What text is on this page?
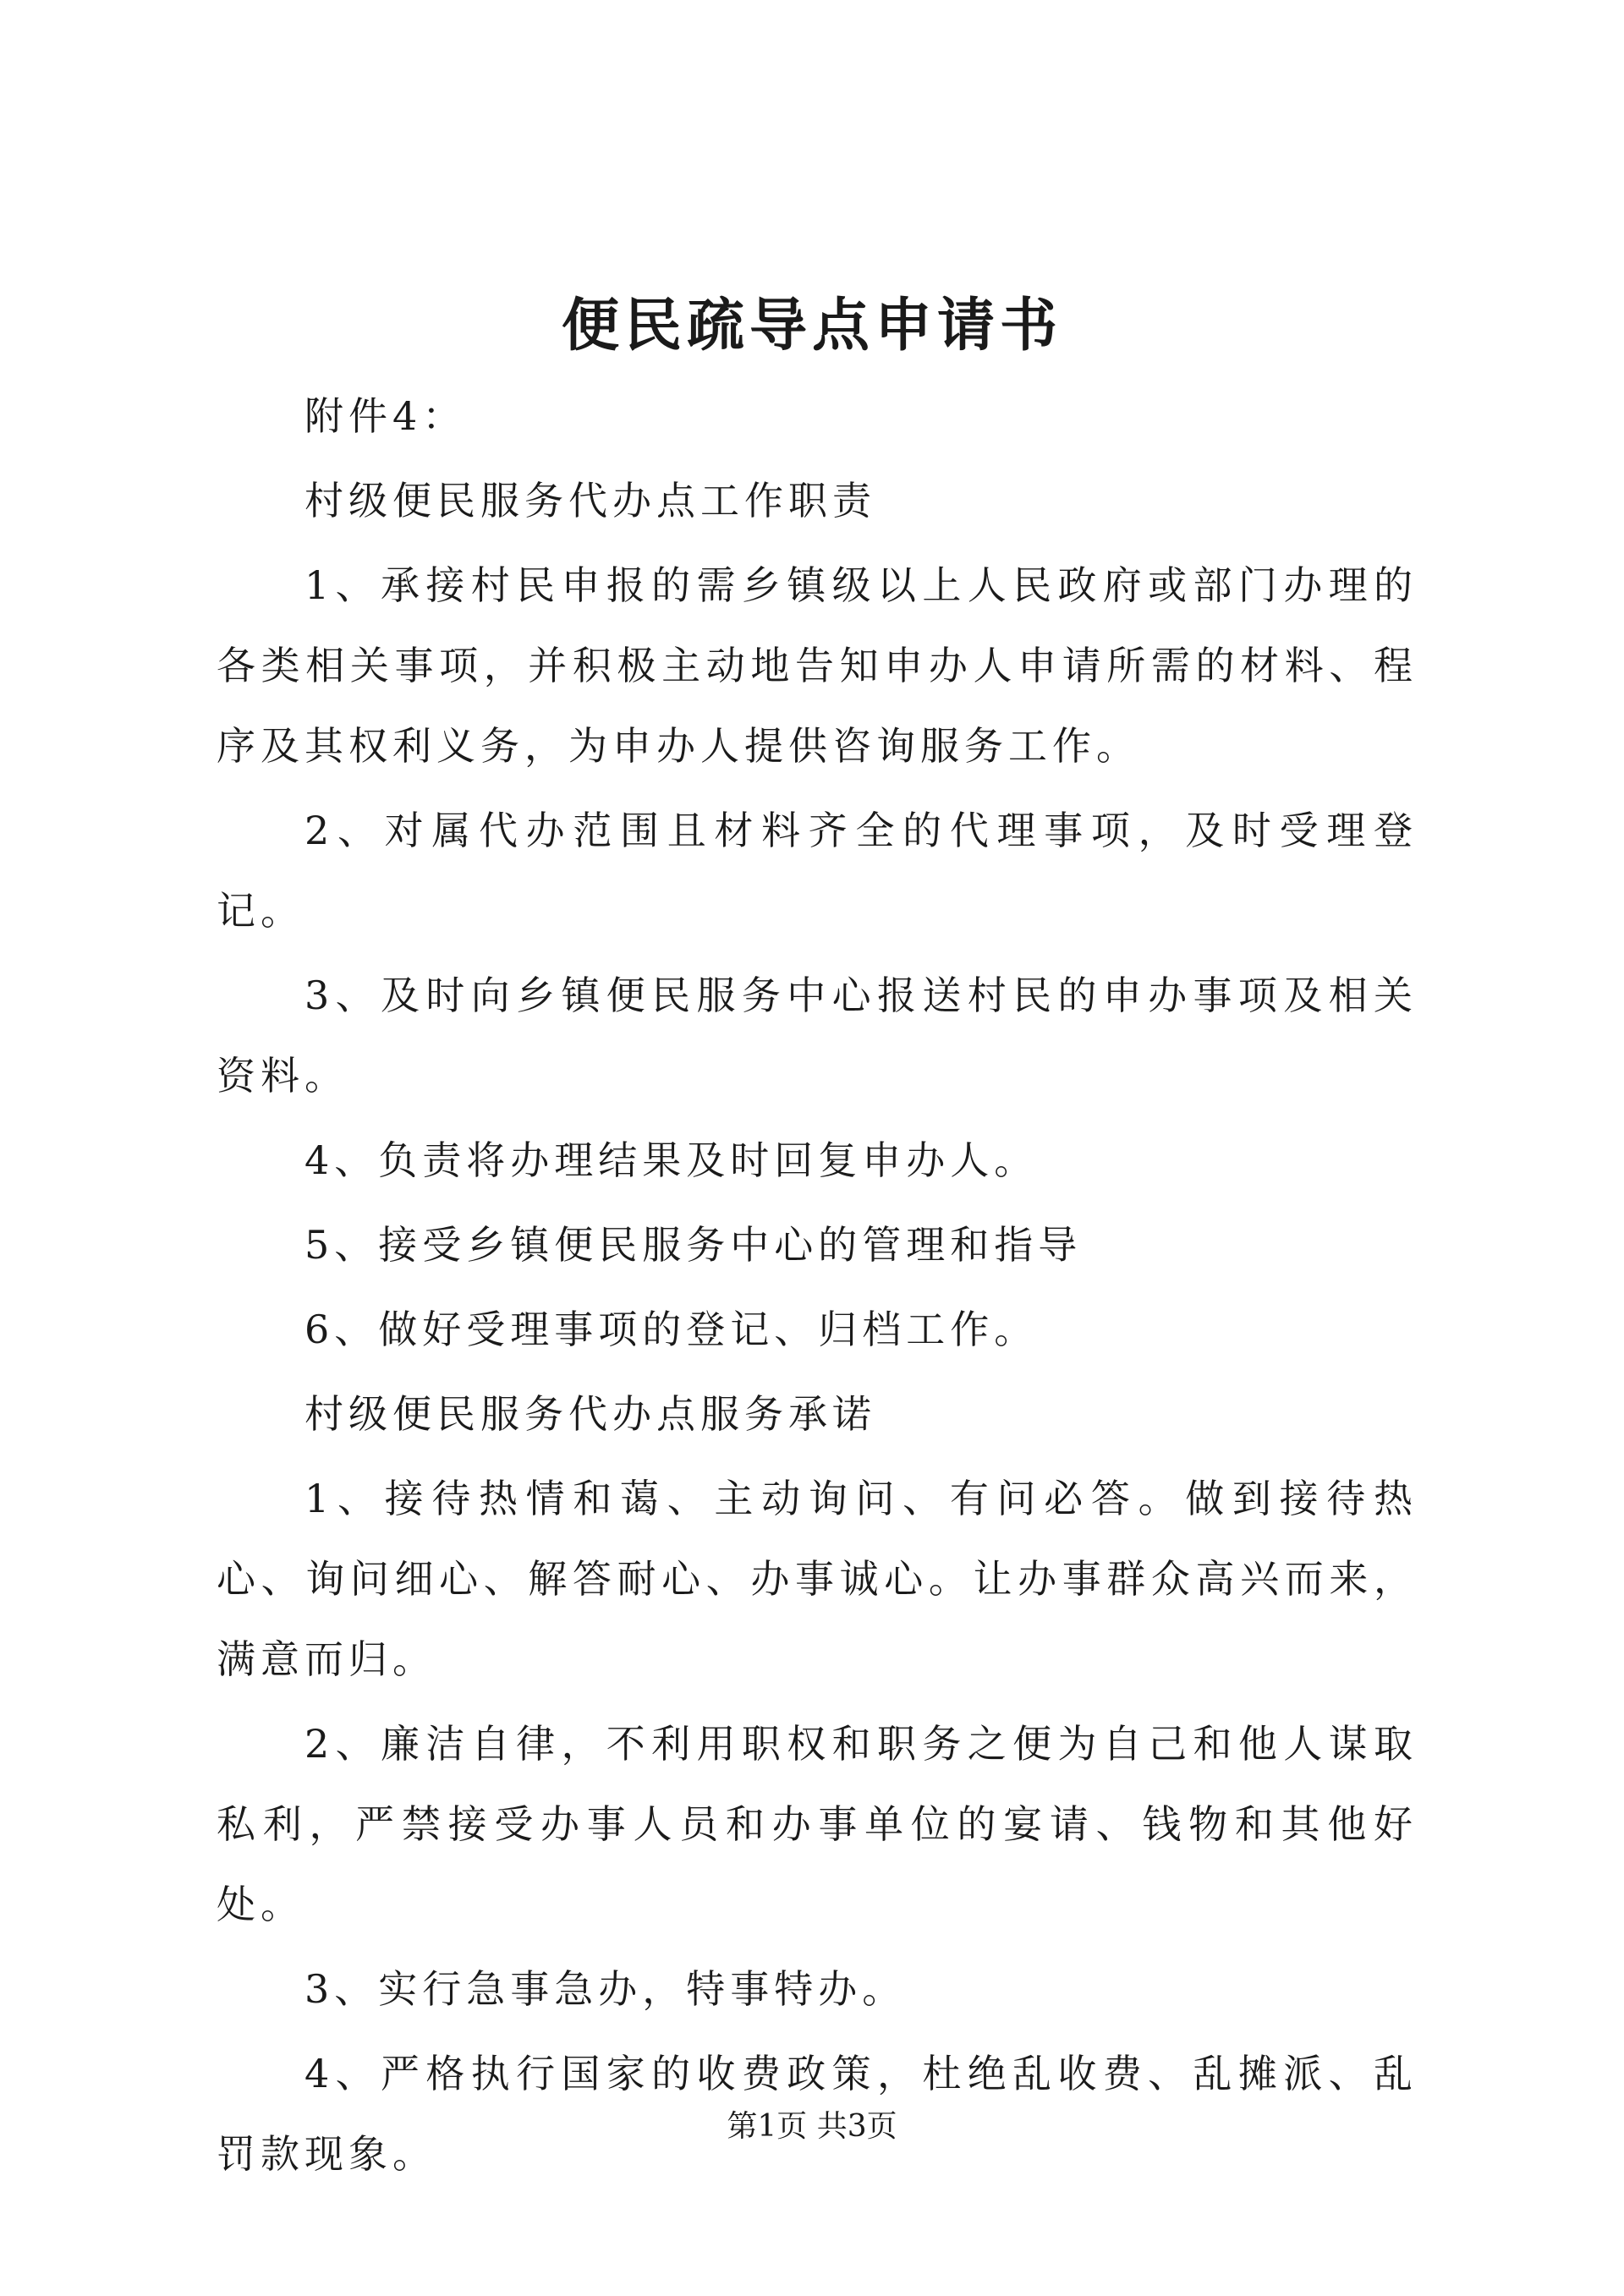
便民疏导点申请书

附件4：

村级便民服务代办点工作职责

1、承接村民申报的需乡镇级以上人民政府或部门办理的各类相关事项，并积极主动地告知申办人申请所需的材料、程序及其权利义务，为申办人提供咨询服务工作。

2、对属代办范围且材料齐全的代理事项，及时受理登记。

3、及时向乡镇便民服务中心报送村民的申办事项及相关资料。

4、负责将办理结果及时回复申办人。

5、接受乡镇便民服务中心的管理和指导

6、做好受理事项的登记、归档工作。

村级便民服务代办点服务承诺

1、接待热情和蔼、主动询问、有问必答。做到接待热心、询问细心、解答耐心、办事诚心。让办事群众高兴而来，满意而归。

2、廉洁自律，不利用职权和职务之便为自己和他人谋取私利，严禁接受办事人员和办事单位的宴请、钱物和其他好处。

3、实行急事急办，特事特办。

4、严格执行国家的收费政策，杜绝乱收费、乱摊派、乱罚款现象。

第1页 共3页
